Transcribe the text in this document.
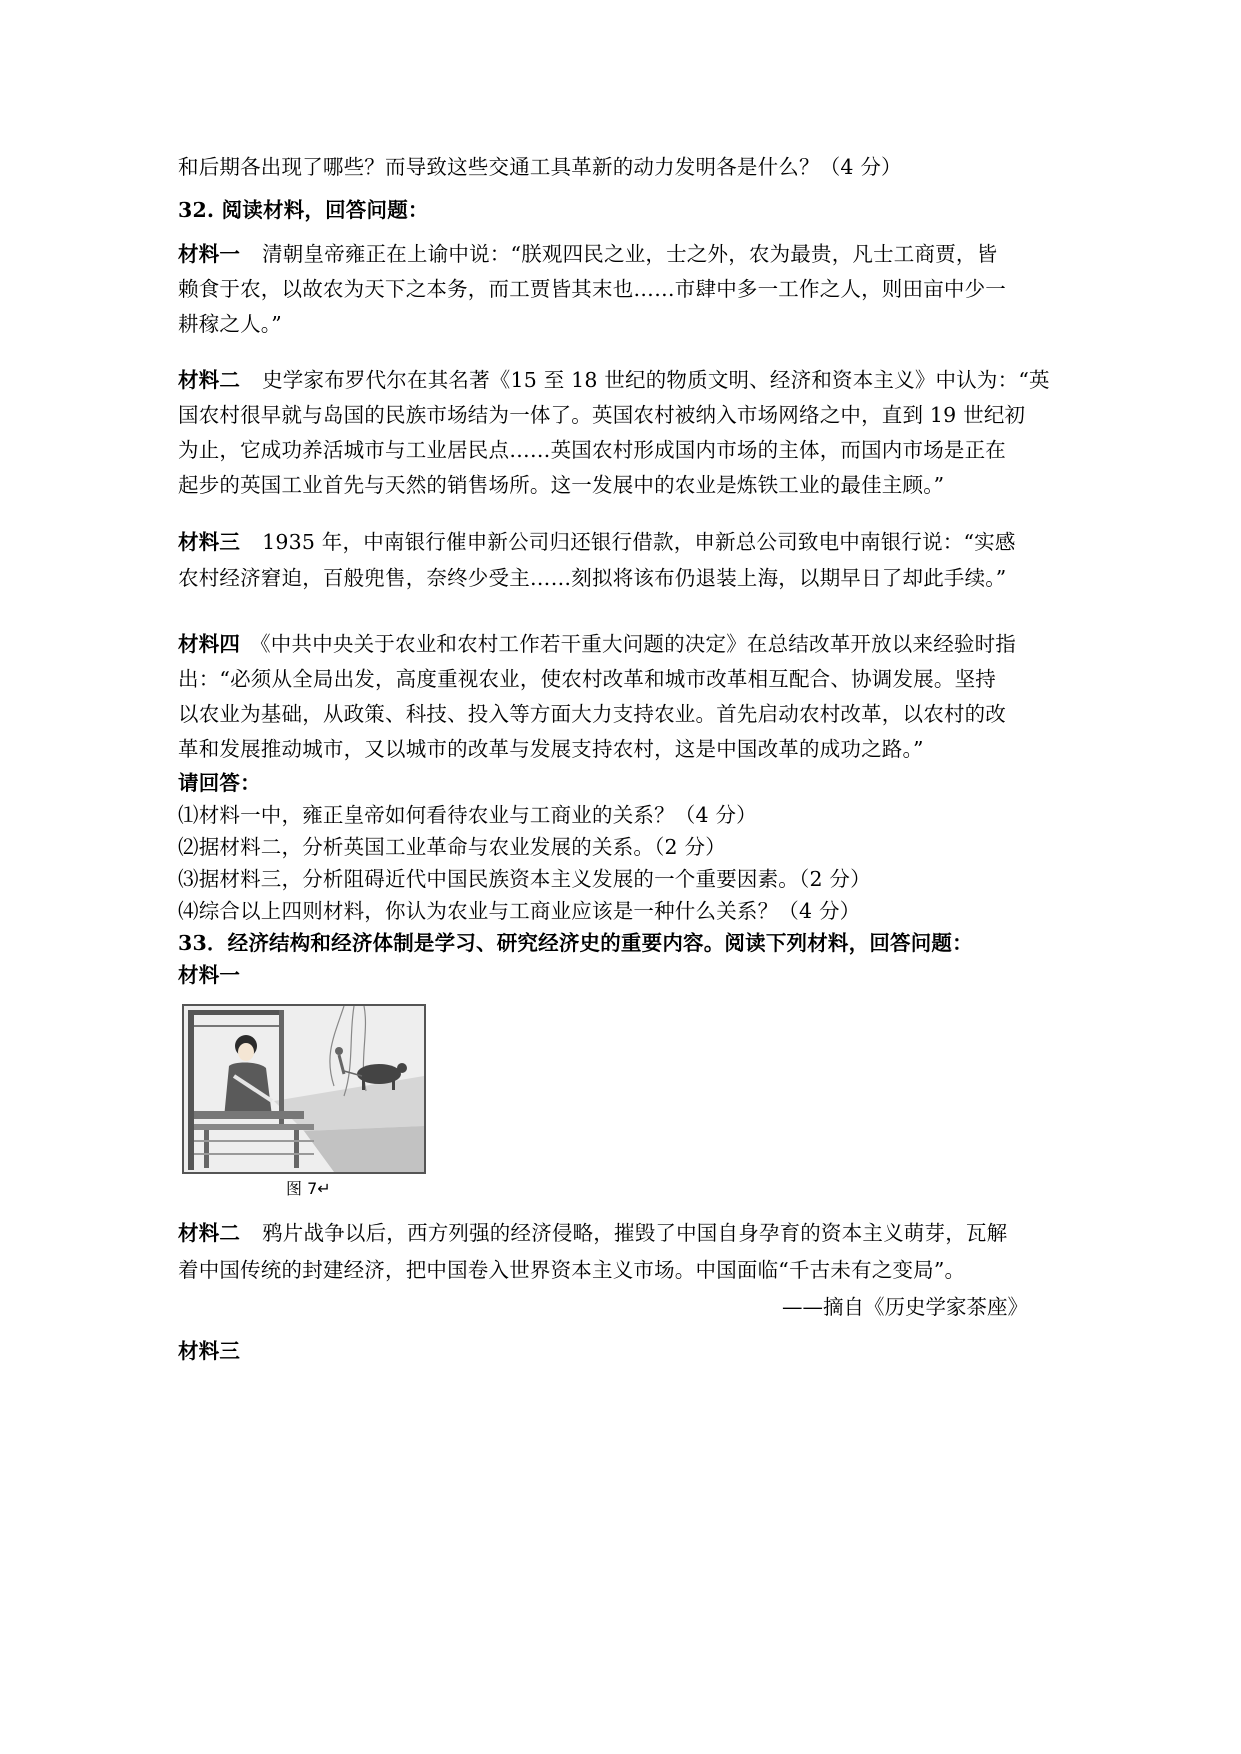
和后期各出现了哪些？而导致这些交通工具革新的动力发明各是什么？（4 分）
32. 阅读材料，回答问题：
材料一 清朝皇帝雍正在上谕中说：“朕观四民之业，士之外，农为最贵，凡士工商贾，皆
赖食于农，以故农为天下之本务，而工贾皆其末也……市肆中多一工作之人，则田亩中少一
耕稼之人。”
材料二 史学家布罗代尔在其名著《15 至 18 世纪的物质文明、经济和资本主义》中认为：“英
国农村很早就与岛国的民族市场结为一体了。英国农村被纳入市场网络之中，直到 19 世纪初
为止，它成功养活城市与工业居民点……英国农村形成国内市场的主体，而国内市场是正在
起步的英国工业首先与天然的销售场所。这一发展中的农业是炼铁工业的最佳主顾。”
材料三 1935 年，中南银行催申新公司归还银行借款，申新总公司致电中南银行说：“实感
农村经济窘迫，百般兜售，奈终少受主……刻拟将该布仍退装上海，以期早日了却此手续。”
材料四 《中共中央关于农业和农村工作若干重大问题的决定》在总结改革开放以来经验时指
出：“必须从全局出发，高度重视农业，使农村改革和城市改革相互配合、协调发展。坚持
以农业为基础，从政策、科技、投入等方面大力支持农业。首先启动农村改革，以农村的改
革和发展推动城市，又以城市的改革与发展支持农村，这是中国改革的成功之路。”
请回答：
⑴材料一中，雍正皇帝如何看待农业与工商业的关系？（4 分）
⑵据材料二，分析英国工业革命与农业发展的关系。（2 分）
⑶据材料三，分析阻碍近代中国民族资本主义发展的一个重要因素。（2 分）
⑷综合以上四则材料，你认为农业与工商业应该是一种什么关系？（4 分）
33．经济结构和经济体制是学习、研究经济史的重要内容。阅读下列材料，回答问题：
材料一
图 7↵
材料二 鸦片战争以后，西方列强的经济侵略，摧毁了中国自身孕育的资本主义萌芽，瓦解
着中国传统的封建经济，把中国卷入世界资本主义市场。中国面临“千古未有之变局”。
——摘自《历史学家茶座》
材料三
